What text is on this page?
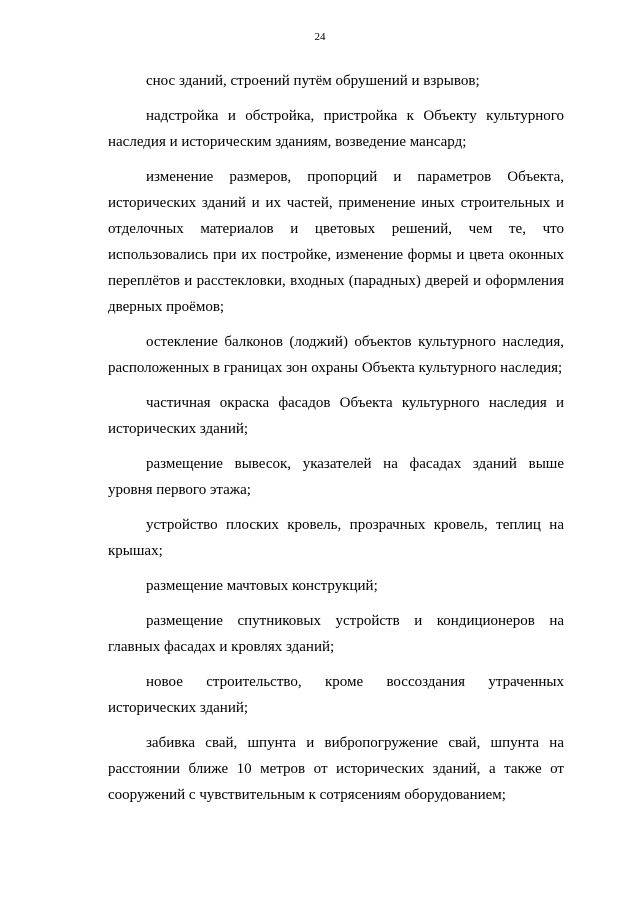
24

снос зданий, строений путём обрушений и взрывов;

надстройка и обстройка, пристройка к Объекту культурного наследия и историческим зданиям, возведение мансард;

изменение размеров, пропорций и параметров Объекта, исторических зданий и их частей, применение иных строительных и отделочных материалов и цветовых решений, чем те, что использовались при их постройке, изменение формы и цвета оконных переплётов и расстекловки, входных (парадных) дверей и оформления дверных проёмов;

остекление балконов (лоджий) объектов культурного наследия, расположенных в границах зон охраны Объекта культурного наследия;

частичная окраска фасадов Объекта культурного наследия и исторических зданий;

размещение вывесок, указателей на фасадах зданий выше уровня первого этажа;

устройство плоских кровель, прозрачных кровель, теплиц на крышах;

размещение мачтовых конструкций;

размещение спутниковых устройств и кондиционеров на главных фасадах и кровлях зданий;

новое строительство, кроме воссоздания утраченных исторических зданий;

забивка свай, шпунта и вибропогружение свай, шпунта на расстоянии ближе 10 метров от исторических зданий, а также от сооружений с чувствительным к сотрясениям оборудованием;
